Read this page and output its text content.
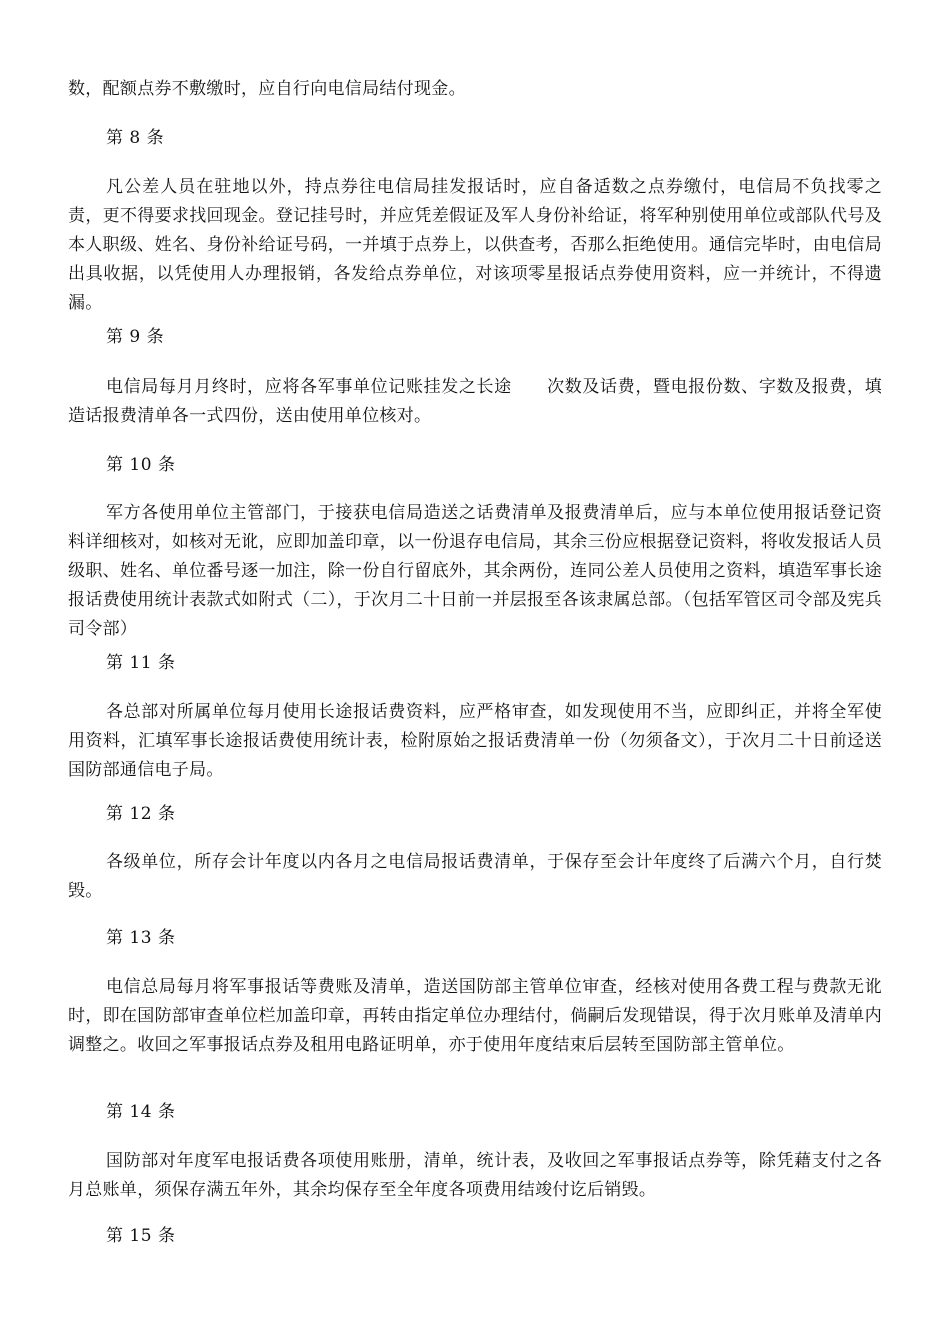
数，配额点券不敷缴时，应自行向电信局结付现金。

第 8 条

凡公差人员在驻地以外，持点券往电信局挂发报话时，应自备适数之点券缴付，电信局不负找零之责，更不得要求找回现金。登记挂号时，并应凭差假证及军人身份补给证，将军种别使用单位或部队代号及本人职级、姓名、身份补给证号码，一并填于点券上，以供查考，否那么拒绝使用。通信完毕时，由电信局出具收据，以凭使用人办理报销，各发给点券单位，对该项零星报话点券使用资料，应一并统计，不得遗漏。

第 9 条

电信局每月月终时，应将各军事单位记账挂发之长途　　次数及话费，暨电报份数、字数及报费，填造话报费清单各一式四份，送由使用单位核对。

第 10 条

军方各使用单位主管部门，于接获电信局造送之话费清单及报费清单后，应与本单位使用报话登记资料详细核对，如核对无讹，应即加盖印章，以一份退存电信局，其余三份应根据登记资料，将收发报话人员级职、姓名、单位番号逐一加注，除一份自行留底外，其余两份，连同公差人员使用之资料，填造军事长途报话费使用统计表款式如附式（二），于次月二十日前一并层报至各该隶属总部。（包括军管区司令部及宪兵司令部）

第 11 条

各总部对所属单位每月使用长途报话费资料，应严格审查，如发现使用不当，应即纠正，并将全军使用资料，汇填军事长途报话费使用统计表，检附原始之报话费清单一份（勿须备文），于次月二十日前迳送国防部通信电子局。

第 12 条

各级单位，所存会计年度以内各月之电信局报话费清单，于保存至会计年度终了后满六个月，自行焚毁。

第 13 条

电信总局每月将军事报话等费账及清单，造送国防部主管单位审查，经核对使用各费工程与费款无讹时，即在国防部审查单位栏加盖印章，再转由指定单位办理结付，倘嗣后发现错误，得于次月账单及清单内调整之。收回之军事报话点券及租用电路证明单，亦于使用年度结束后层转至国防部主管单位。

第 14 条

国防部对年度军电报话费各项使用账册，清单，统计表，及收回之军事报话点券等，除凭藉支付之各月总账单，须保存满五年外，其余均保存至全年度各项费用结竣付讫后销毁。

第 15 条
